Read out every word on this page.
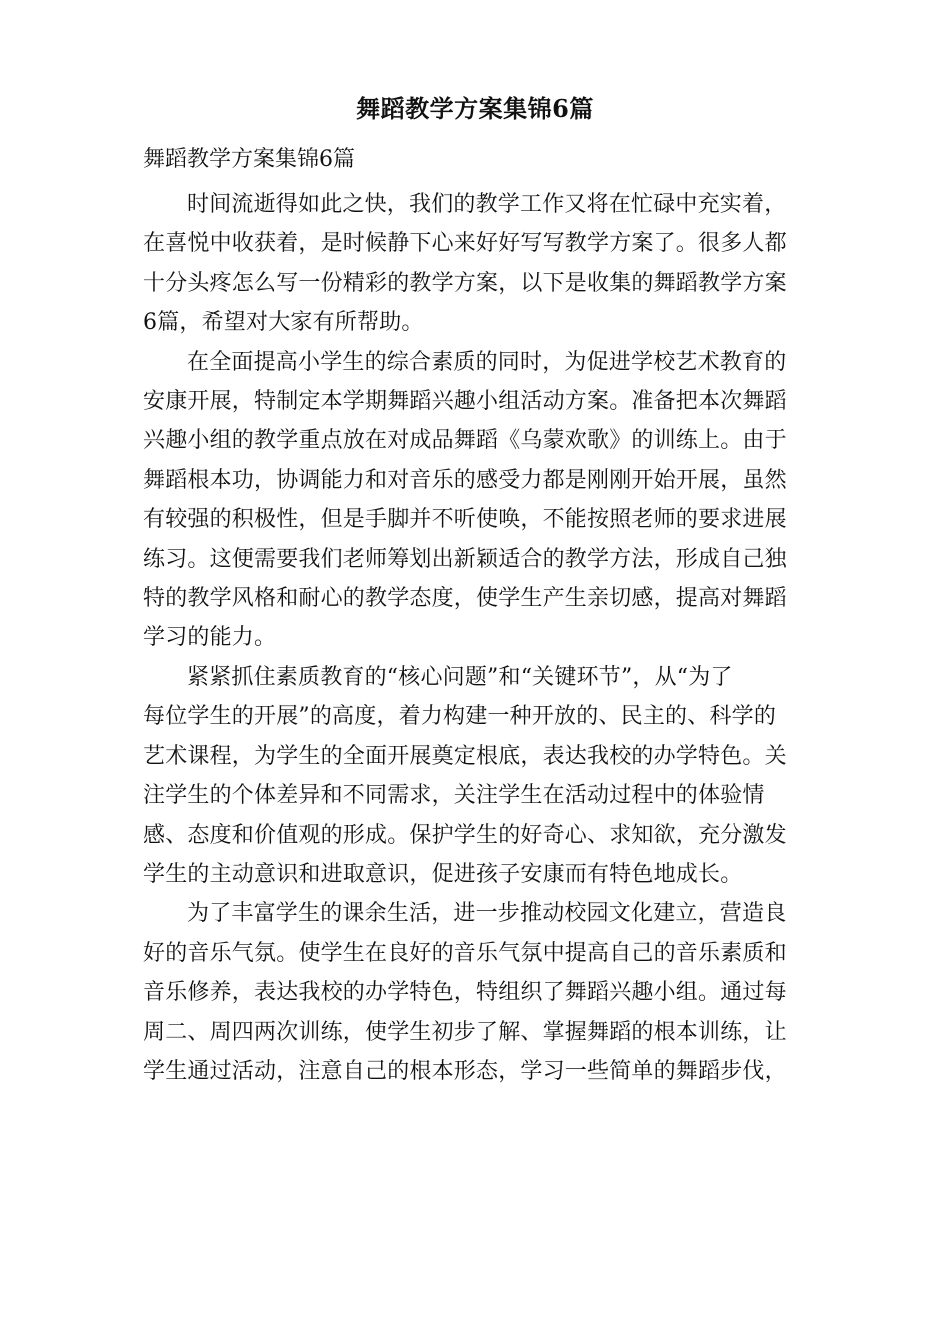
舞蹈教学方案集锦6篇
舞蹈教学方案集锦6篇

时间流逝得如此之快，我们的教学工作又将在忙碌中充实着，
在喜悦中收获着，是时候静下心来好好写写教学方案了。很多人都
十分头疼怎么写一份精彩的教学方案，以下是收集的舞蹈教学方案
6篇，希望对大家有所帮助。

在全面提高小学生的综合素质的同时，为促进学校艺术教育的
安康开展，特制定本学期舞蹈兴趣小组活动方案。准备把本次舞蹈
兴趣小组的教学重点放在对成品舞蹈《乌蒙欢歌》的训练上。由于
舞蹈根本功，协调能力和对音乐的感受力都是刚刚开始开展，虽然
有较强的积极性，但是手脚并不听使唤，不能按照老师的要求进展
练习。这便需要我们老师筹划出新颖适合的教学方法，形成自己独
特的教学风格和耐心的教学态度，使学生产生亲切感，提高对舞蹈
学习的能力。

紧紧抓住素质教育的“核心问题”和“关键环节”，从“为了
每位学生的开展”的高度，着力构建一种开放的、民主的、科学的
艺术课程，为学生的全面开展奠定根底，表达我校的办学特色。关
注学生的个体差异和不同需求，关注学生在活动过程中的体验情
感、态度和价值观的形成。保护学生的好奇心、求知欲，充分激发
学生的主动意识和进取意识，促进孩子安康而有特色地成长。

为了丰富学生的课余生活，进一步推动校园文化建立，营造良
好的音乐气氛。使学生在良好的音乐气氛中提高自己的音乐素质和
音乐修养，表达我校的办学特色，特组织了舞蹈兴趣小组。通过每
周二、周四两次训练，使学生初步了解、掌握舞蹈的根本训练，让
学生通过活动，注意自己的根本形态，学习一些简单的舞蹈步伐，
